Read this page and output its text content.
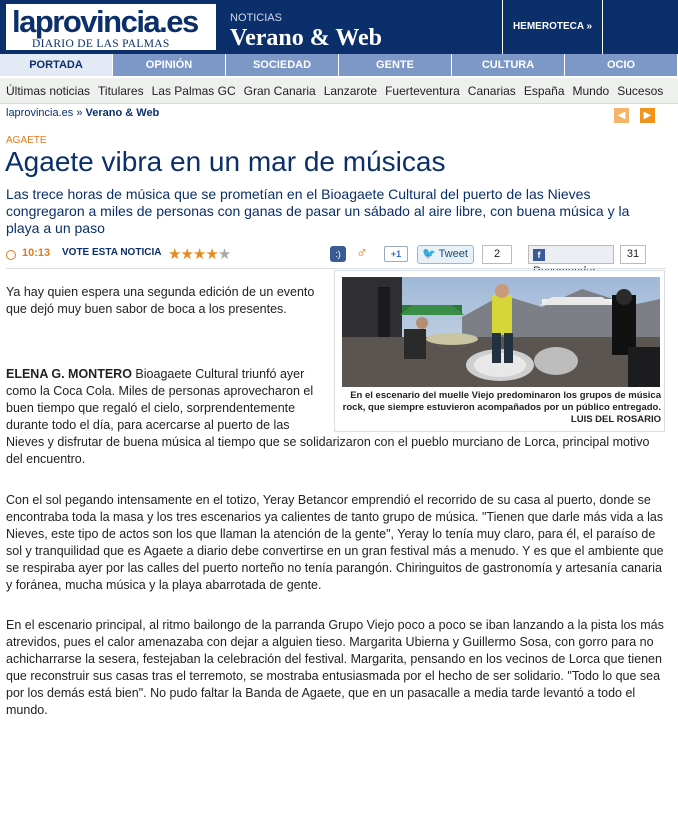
laprovincia.es
DIARIO DE LAS PALMAS
NOTICIAS
Verano & Web	HEMEROTECA »
PORTADA	OPINIÓN	SOCIEDAD	GENTE	CULTURA	OCIO
Últimas noticias Titulares Las Palmas GC Gran Canaria Lanzarote Fuerteventura Canarias España Mundo Sucesos
laprovincia.es » Verano & Web	◀	▶
AGAETE
Agaete vibra en un mar de músicas
Las trece horas de música que se prometían en el Bioagaete Cultural del puerto de las Nieves congregaron a miles de personas con ganas de pasar un sábado al aire libre, con buena música y la playa a un paso
10:13 VOTE ESTA NOTICIA ★★★★★	:) ♂	+1	🐦 Tweet	2	f	31
En el escenario del muelle Viejo predominaron los grupos de música rock, que siempre estuvieron acompañados por un público entregado. LUIS DEL ROSARIO

Ya hay quien espera una segunda edición de un evento que dejó muy buen sabor de boca a los presentes.

ELENA G. MONTERO Bioagaete Cultural triunfó ayer como la Coca Cola. Miles de personas aprovecharon el buen tiempo que regaló el cielo, sorprendentemente durante todo el día, para acercarse al puerto de las Nieves y disfrutar de buena música al tiempo que se solidarizaron con el pueblo murciano de Lorca, principal motivo del encuentro.

Con el sol pegando intensamente en el totizo, Yeray Betancor emprendió el recorrido de su casa al puerto, donde se encontraba toda la masa y los tres escenarios ya calientes de tanto grupo de música. "Tienen que darle más vida a las Nieves, este tipo de actos son los que llaman la atención de la gente", Yeray lo tenía muy claro, para él, el paraíso de sol y tranquilidad que es Agaete a diario debe convertirse en un gran festival más a menudo. Y es que el ambiente que se respiraba ayer por las calles del puerto norteño no tenía parangón. Chiringuitos de gastronomía y artesanía canaria y foránea, mucha música y la playa abarrotada de gente.

En el escenario principal, al ritmo bailongo de la parranda Grupo Viejo poco a poco se iban lanzando a la pista los más atrevidos, pues el calor amenazaba con dejar a alguien tieso. Margarita Ubierna y Guillermo Sosa, con gorro para no achicharrarse la sesera, festejaban la celebración del festival. Margarita, pensando en los vecinos de Lorca que tienen que reconstruir sus casas tras el terremoto, se mostraba entusiasmada por el hecho de ser solidario. "Todo lo que sea por los demás está bien". No pudo faltar la Banda de Agaete, que en un pasacalle a media tarde levantó a todo el mundo.
